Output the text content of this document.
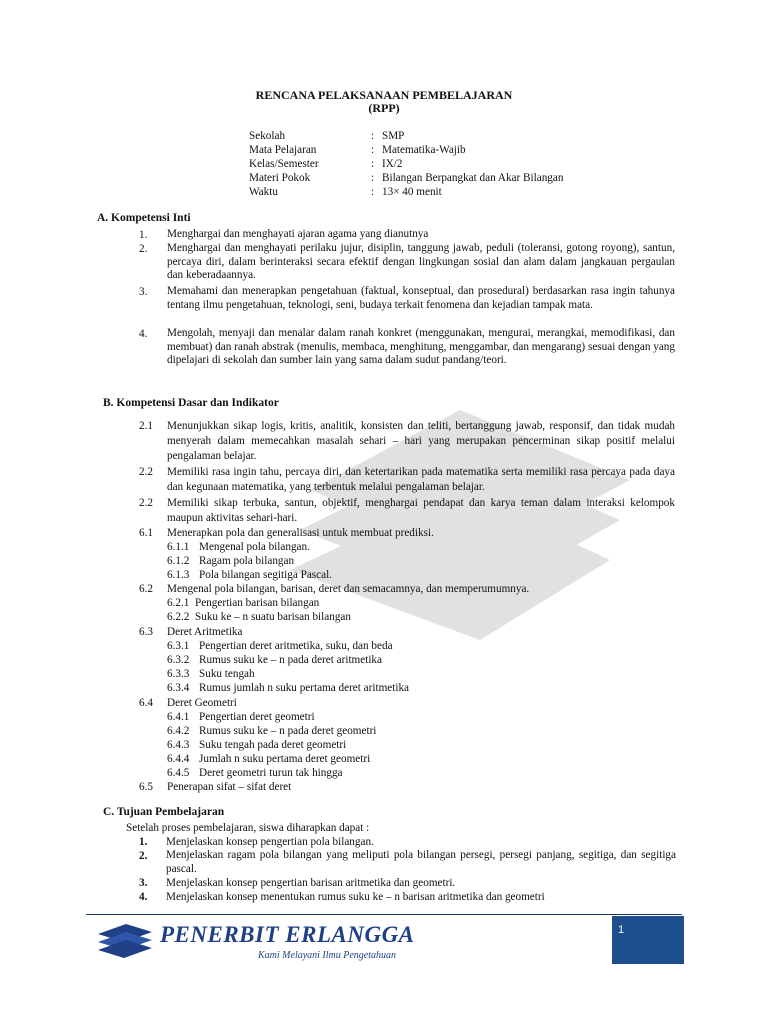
RENCANA PELAKSANAAN PEMBELAJARAN
(RPP)
Sekolah	: SMP
Mata Pelajaran	: Matematika-Wajib
Kelas/Semester	: IX/2
Materi Pokok	: Bilangan Berpangkat dan Akar Bilangan
Waktu	: 13× 40 menit
A. Kompetensi Inti
1. Menghargai dan menghayati ajaran agama yang dianutnya
2. Menghargai dan menghayati perilaku jujur, disiplin, tanggung jawab, peduli (toleransi, gotong royong), santun, percaya diri, dalam berinteraksi secara efektif dengan lingkungan sosial dan alam dalam jangkauan pergaulan dan keberadaannya.
3. Memahami dan menerapkan pengetahuan (faktual, konseptual, dan prosedural) berdasarkan rasa ingin tahunya tentang ilmu pengetahuan, teknologi, seni, budaya terkait fenomena dan kejadian tampak mata.
4. Mengolah, menyaji dan menalar dalam ranah konkret (menggunakan, mengurai, merangkai, memodifikasi, dan membuat) dan ranah abstrak (menulis, membaca, menghitung, menggambar, dan mengarang) sesuai dengan yang dipelajari di sekolah dan sumber lain yang sama dalam sudut pandang/teori.
B. Kompetensi Dasar dan Indikator
2.1 Menunjukkan sikap logis, kritis, analitik, konsisten dan teliti, bertanggung jawab, responsif, dan tidak mudah menyerah dalam memecahkan masalah sehari – hari yang merupakan pencerminan sikap positif melalui pengalaman belajar.
2.2 Memiliki rasa ingin tahu, percaya diri, dan ketertarikan pada matematika serta memiliki rasa percaya pada daya dan kegunaan matematika, yang terbentuk melalui pengalaman belajar.
2.2 Memiliki sikap terbuka, santun, objektif, menghargai pendapat dan karya teman dalam interaksi kelompok maupun aktivitas sehari-hari.
6.1 Menerapkan pola dan generalisasi untuk membuat prediksi.
6.1.1 Mengenal pola bilangan.
6.1.2 Ragam pola bilangan
6.1.3 Pola bilangan segitiga Pascal.
6.2 Mengenal pola bilangan, barisan, deret dan semacamnya, dan memperumumnya.
6.2.1 Pengertian barisan bilangan
6.2.2 Suku ke – n suatu barisan bilangan
6.3 Deret Aritmetika
6.3.1 Pengertian deret aritmetika, suku, dan beda
6.3.2 Rumus suku ke – n pada deret aritmetika
6.3.3 Suku tengah
6.3.4 Rumus jumlah n suku pertama deret aritmetika
6.4 Deret Geometri
6.4.1 Pengertian deret geometri
6.4.2 Rumus suku ke – n pada deret geometri
6.4.3 Suku tengah pada deret geometri
6.4.4 Jumlah n suku pertama deret geometri
6.4.5 Deret geometri turun tak hingga
6.5 Penerapan sifat – sifat deret
C. Tujuan Pembelajaran
Setelah proses pembelajaran, siswa diharapkan dapat :
1. Menjelaskan konsep pengertian pola bilangan.
2. Menjelaskan ragam pola bilangan yang meliputi pola bilangan persegi, persegi panjang, segitiga, dan segitiga pascal.
3. Menjelaskan konsep pengertian barisan aritmetika dan geometri.
4. Menjelaskan konsep menentukan rumus suku ke – n barisan aritmetika dan geometri
PENERBIT ERLANGGA
Kami Melayani Ilmu Pengetahuan
1
